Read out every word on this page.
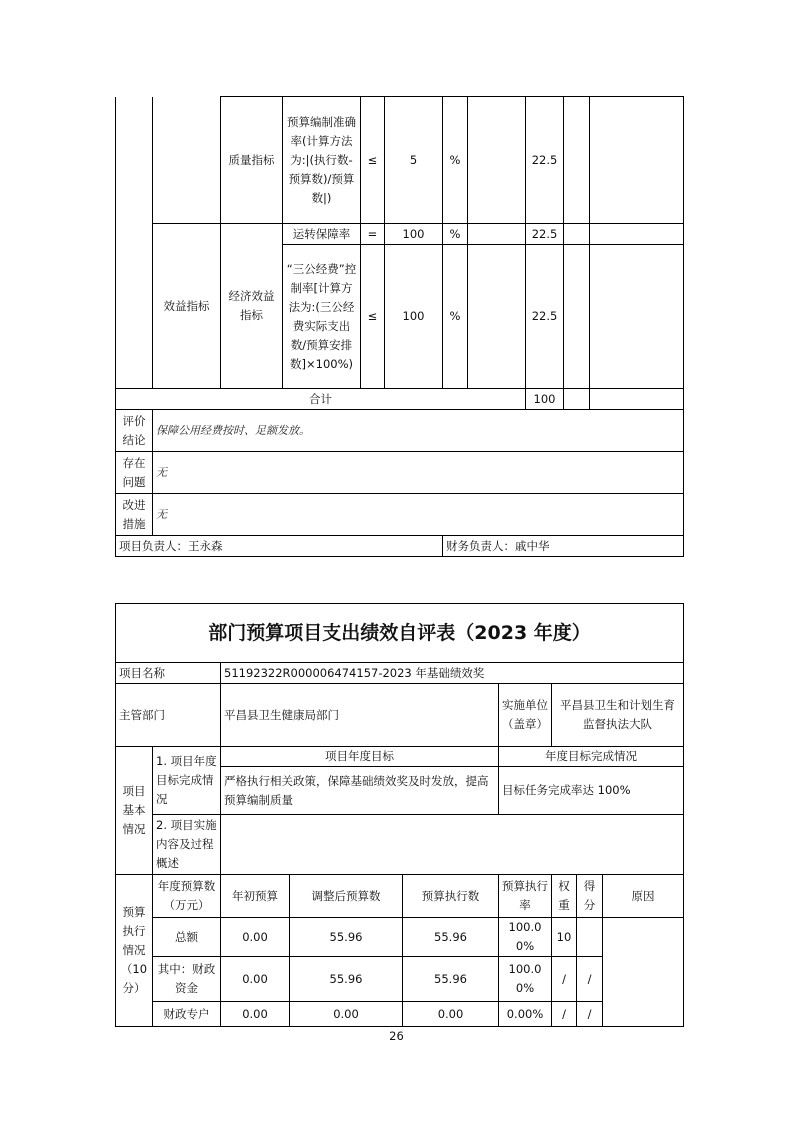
		质量指标	预算编制准确率(计算方法为:|(执行数-预算数)/预算数|)	≤	5	%		22.5		
	效益指标	经济效益指标	运转保障率	=	100	%		22.5		
			“三公经费”控制率[计算方法为:(三公经费实际支出数/预算安排数]×100%)	≤	100	%		22.5		
合计								100		
评价结论	保障公用经费按时、足额发放。									
存在问题	无									
改进措施	无									
项目负责人：王永森						财务负责人：戚中华				
部门预算项目支出绩效自评表（2023 年度）								
项目名称		51192322R000006474157-2023 年基础绩效奖						
主管部门		平昌县卫生健康局部门			实施单位（盖章）	平昌县卫生和计划生育监督执法大队		
项目基本情况	1. 项目年度目标完成情况	项目年度目标			年度目标完成情况			
		严格执行相关政策，保障基础绩效奖及时发放，提高预算编制质量			目标任务完成率达 100%			
	2. 项目实施内容及过程概述							
预算执行情况（10分）	年度预算数（万元）	年初预算	调整后预算数	预算执行数	预算执行率	权重	得分	原因
	总额	0.00	55.96	55.96	100.00%	10		
	其中：财政资金	0.00	55.96	55.96	100.00%	/	/	
	财政专户	0.00	0.00	0.00	0.00%	/	/	
26
